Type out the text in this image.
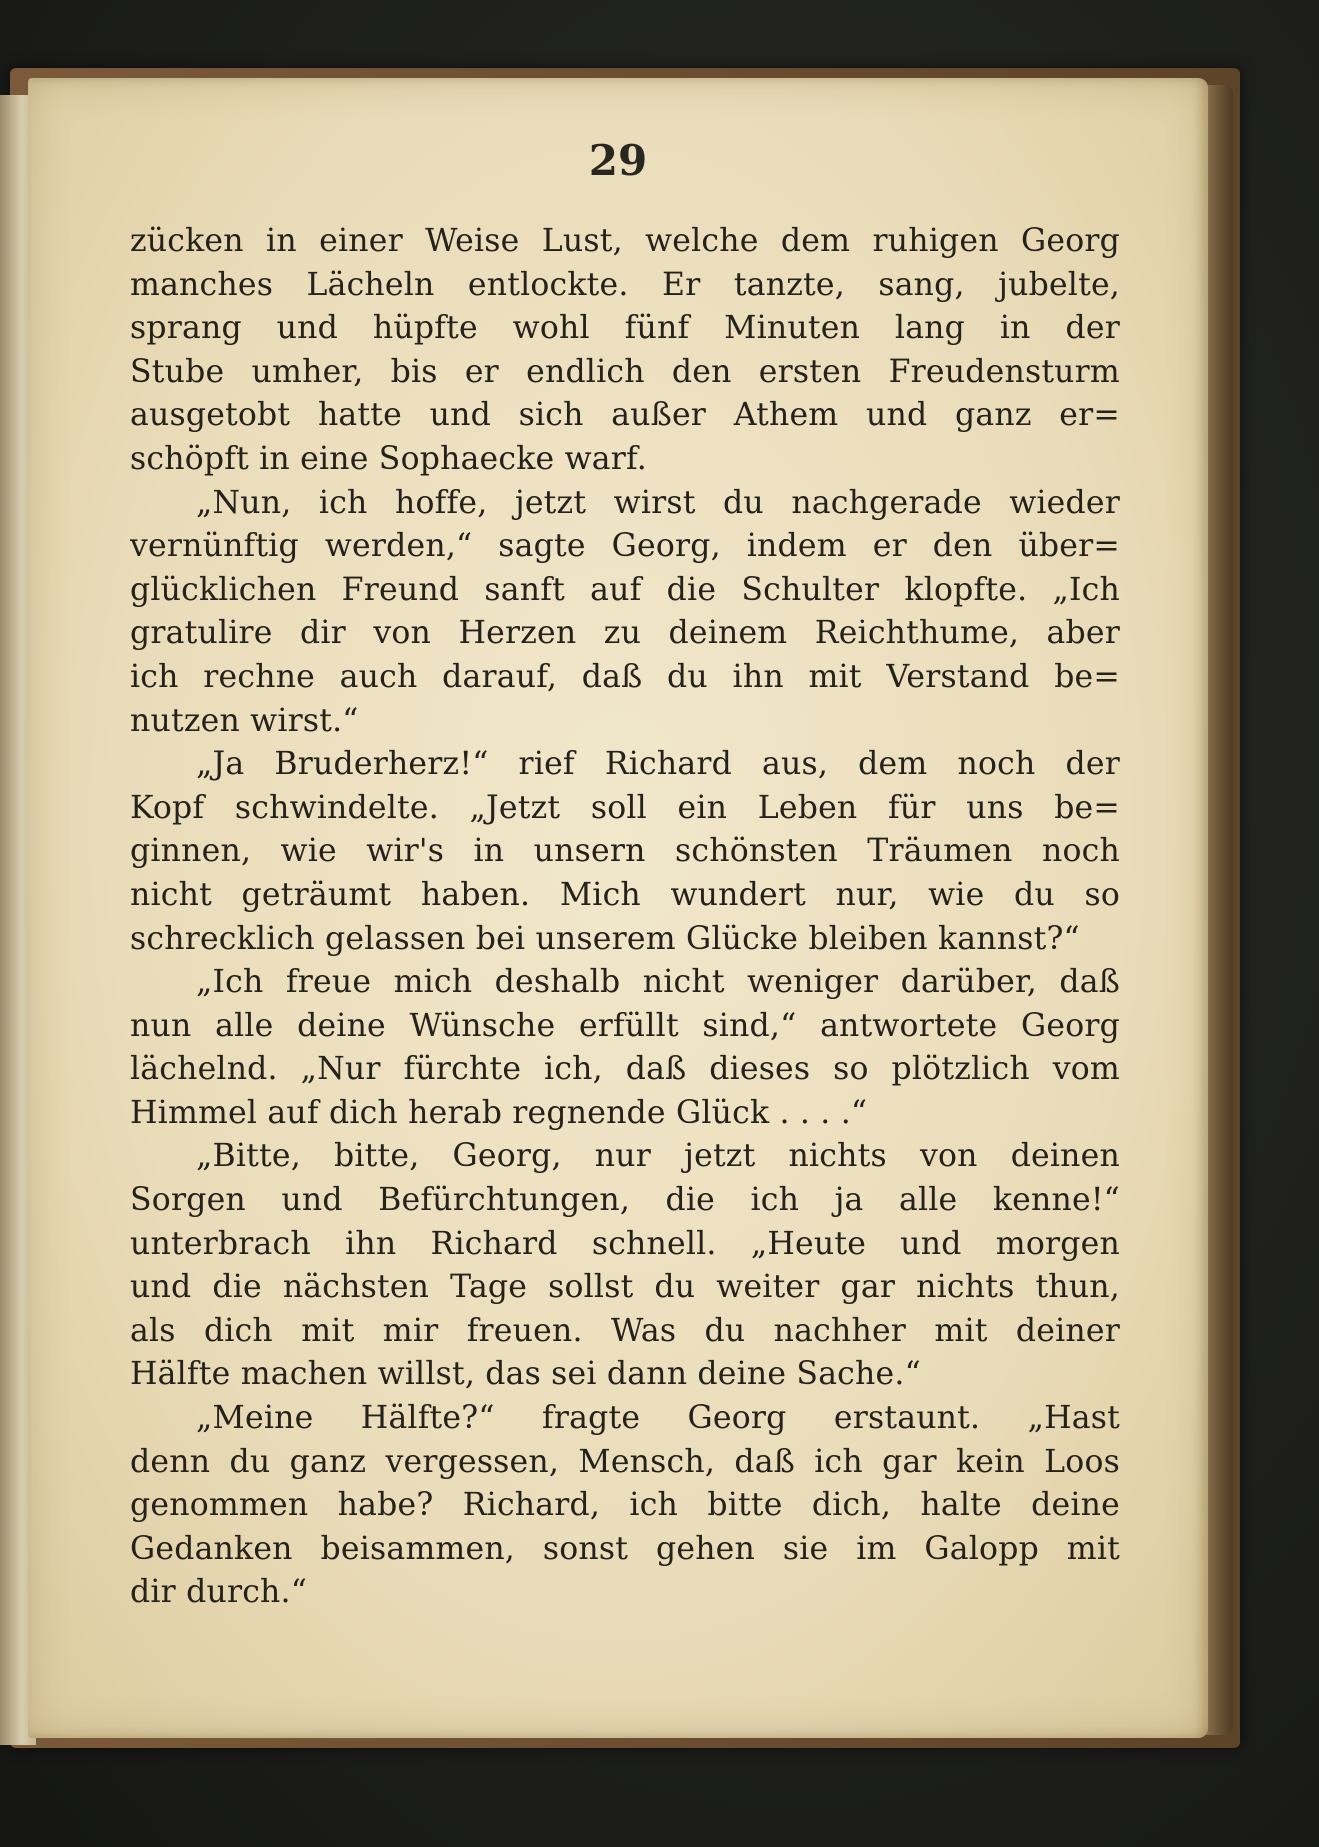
29
zücken in einer Weise Lust, welche dem ruhigen Georg
manches Lächeln entlockte. Er tanzte, sang, jubelte,
sprang und hüpfte wohl fünf Minuten lang in der
Stube umher, bis er endlich den ersten Freudensturm
ausgetobt hatte und sich außer Athem und ganz er=
schöpft in eine Sophaecke warf.
„Nun, ich hoffe, jetzt wirst du nachgerade wieder
vernünftig werden,“ sagte Georg, indem er den über=
glücklichen Freund sanft auf die Schulter klopfte. „Ich
gratulire dir von Herzen zu deinem Reichthume, aber
ich rechne auch darauf, daß du ihn mit Verstand be=
nutzen wirst.“
„Ja Bruderherz!“ rief Richard aus, dem noch der
Kopf schwindelte. „Jetzt soll ein Leben für uns be=
ginnen, wie wir's in unsern schönsten Träumen noch
nicht geträumt haben. Mich wundert nur, wie du so
schrecklich gelassen bei unserem Glücke bleiben kannst?“
„Ich freue mich deshalb nicht weniger darüber, daß
nun alle deine Wünsche erfüllt sind,“ antwortete Georg
lächelnd. „Nur fürchte ich, daß dieses so plötzlich vom
Himmel auf dich herab regnende Glück . . . .“
„Bitte, bitte, Georg, nur jetzt nichts von deinen
Sorgen und Befürchtungen, die ich ja alle kenne!“
unterbrach ihn Richard schnell. „Heute und morgen
und die nächsten Tage sollst du weiter gar nichts thun,
als dich mit mir freuen. Was du nachher mit deiner
Hälfte machen willst, das sei dann deine Sache.“
„Meine Hälfte?“ fragte Georg erstaunt. „Hast
denn du ganz vergessen, Mensch, daß ich gar kein Loos
genommen habe? Richard, ich bitte dich, halte deine
Gedanken beisammen, sonst gehen sie im Galopp mit
dir durch.“
